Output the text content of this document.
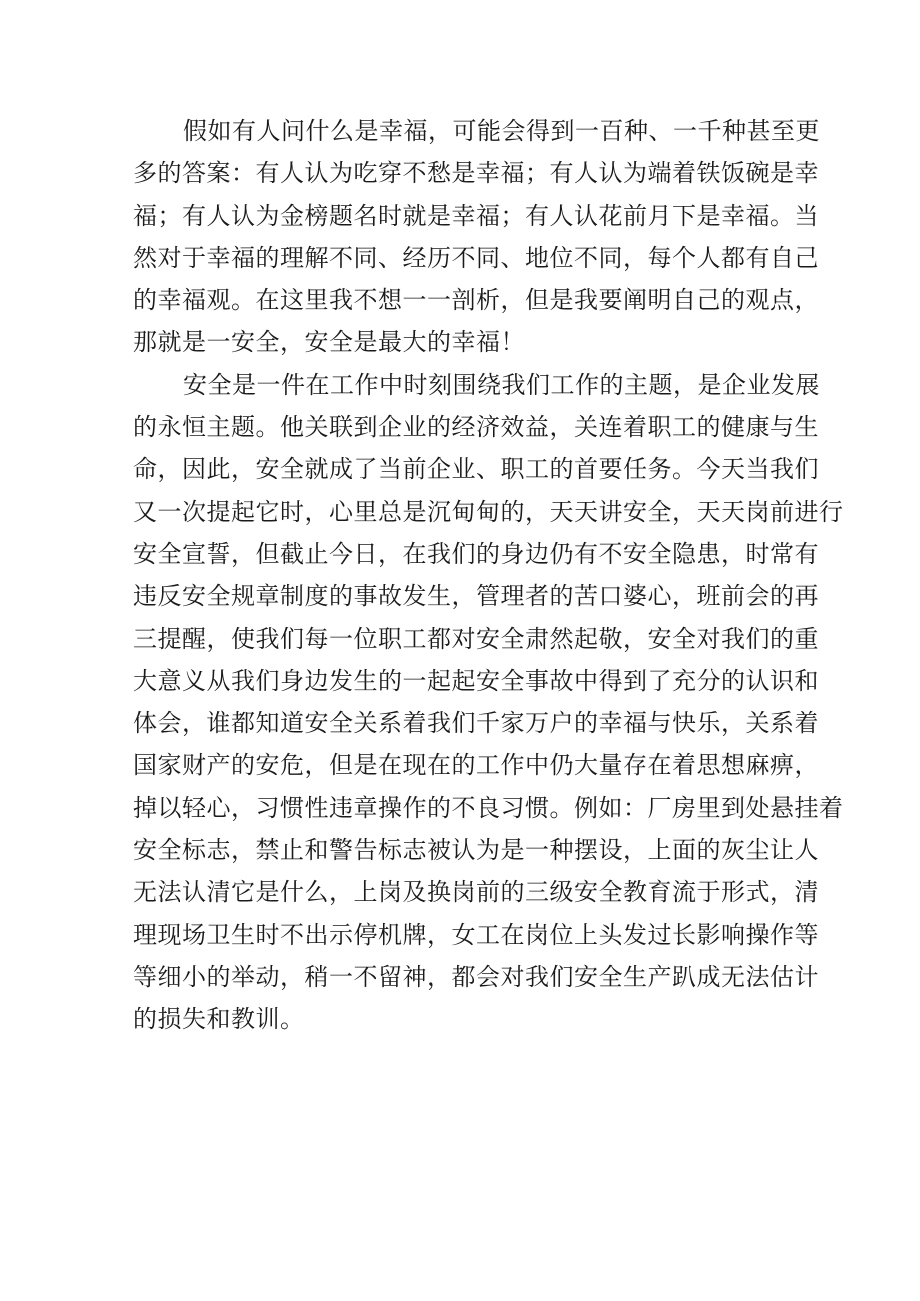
假如有人问什么是幸福，可能会得到一百种、一千种甚至更
多的答案：有人认为吃穿不愁是幸福；有人认为端着铁饭碗是幸
福；有人认为金榜题名时就是幸福；有人认花前月下是幸福。当
然对于幸福的理解不同、经历不同、地位不同，每个人都有自己
的幸福观。在这里我不想一一剖析，但是我要阐明自己的观点，
那就是一安全，安全是最大的幸福！
安全是一件在工作中时刻围绕我们工作的主题，是企业发展
的永恒主题。他关联到企业的经济效益，关连着职工的健康与生
命，因此，安全就成了当前企业、职工的首要任务。今天当我们
又一次提起它时，心里总是沉甸甸的，天天讲安全，天天岗前进行
安全宣誓，但截止今日，在我们的身边仍有不安全隐患，时常有
违反安全规章制度的事故发生，管理者的苦口婆心，班前会的再
三提醒，使我们每一位职工都对安全肃然起敬，安全对我们的重
大意义从我们身边发生的一起起安全事故中得到了充分的认识和
体会，谁都知道安全关系着我们千家万户的幸福与快乐，关系着
国家财产的安危，但是在现在的工作中仍大量存在着思想麻痹，
掉以轻心，习惯性违章操作的不良习惯。例如：厂房里到处悬挂着
安全标志，禁止和警告标志被认为是一种摆设，上面的灰尘让人
无法认清它是什么，上岗及换岗前的三级安全教育流于形式，清
理现场卫生时不出示停机牌，女工在岗位上头发过长影响操作等
等细小的举动，稍一不留神，都会对我们安全生产趴成无法估计
的损失和教训。
